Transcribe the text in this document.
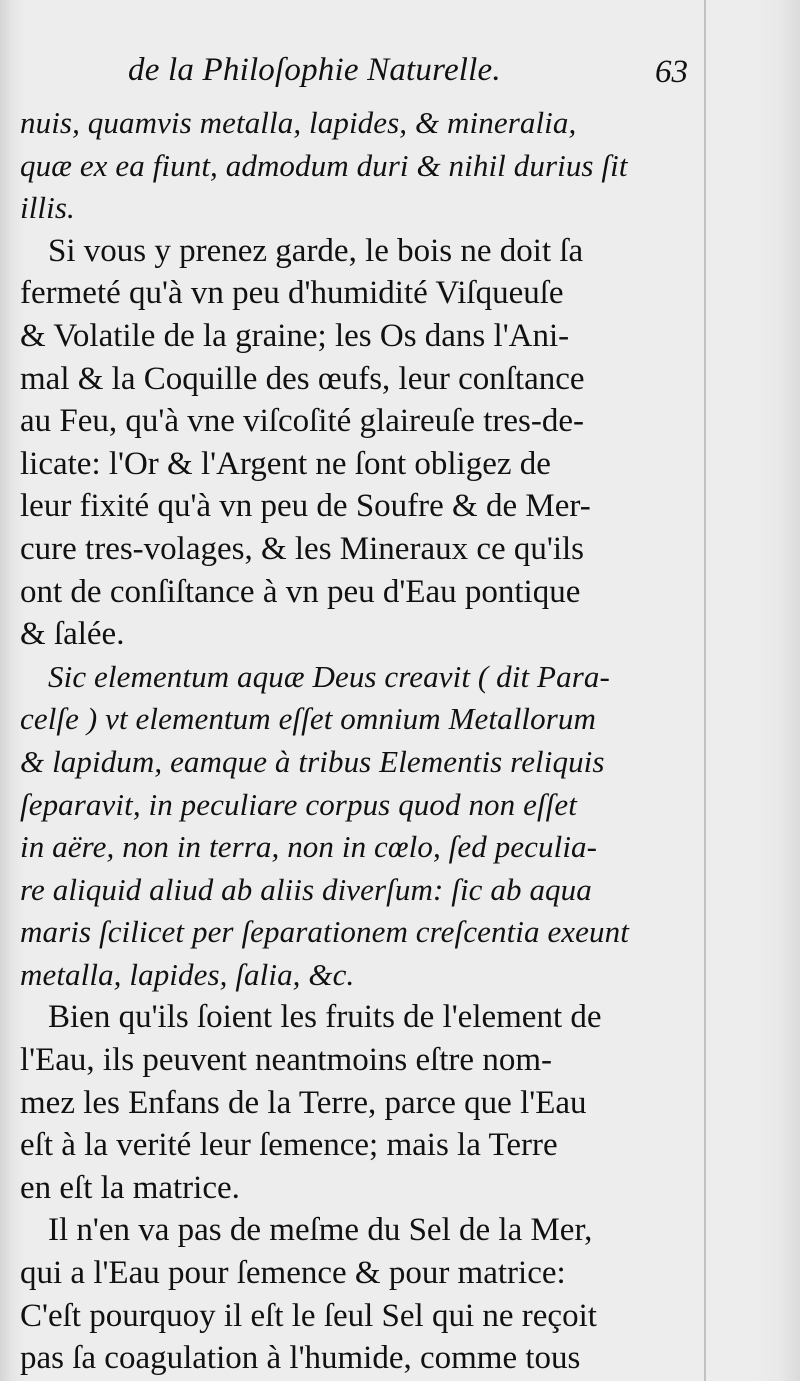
de la Philoſophie Naturelle.	63
nuis, quamvis metalla, lapides, & mineralia,
quæ ex ea fiunt, admodum duri & nihil durius ſit
illis.
Si vous y prenez garde, le bois ne doit ſa
fermeté qu'à vn peu d'humidité Viſqueuſe
& Volatile de la graine; les Os dans l'Ani-
mal & la Coquille des œufs, leur conſtance
au Feu, qu'à vne viſcoſité glaireuſe tres-de-
licate: l'Or & l'Argent ne ſont obligez de
leur fixité qu'à vn peu de Soufre & de Mer-
cure tres-volages, & les Mineraux ce qu'ils
ont de conſiſtance à vn peu d'Eau pontique
& ſalée.
Sic elementum aquæ Deus creavit ( dit Para-
celſe ) vt elementum eſſet omnium Metallorum
& lapidum, eamque à tribus Elementis reliquis
ſeparavit, in peculiare corpus quod non eſſet
in aëre, non in terra, non in cœlo, ſed peculia-
re aliquid aliud ab aliis diverſum: ſic ab aqua
maris ſcilicet per ſeparationem creſcentia exeunt
metalla, lapides, ſalia, &c.
Bien qu'ils ſoient les fruits de l'element de
l'Eau, ils peuvent neantmoins eſtre nom-
mez les Enfans de la Terre, parce que l'Eau
eſt à la verité leur ſemence; mais la Terre
en eſt la matrice.
Il n'en va pas de meſme du Sel de la Mer,
qui a l'Eau pour ſemence & pour matrice:
C'eſt pourquoy il eſt le ſeul Sel qui ne reçoit
pas ſa coagulation à l'humide, comme tous
